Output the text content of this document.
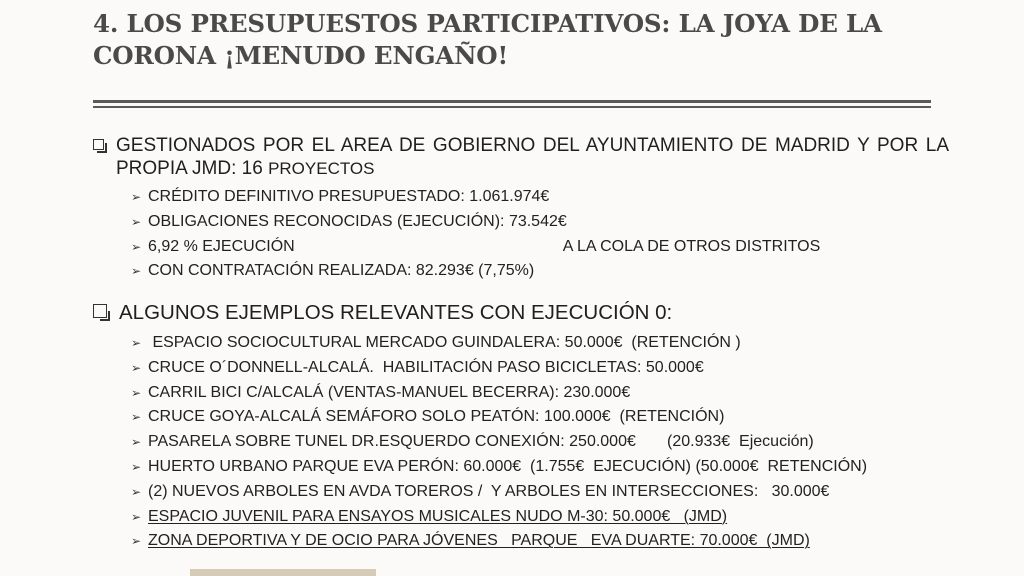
4. LOS PRESUPUESTOS PARTICIPATIVOS: LA JOYA DE LA CORONA ¡MENUDO ENGAÑO!
GESTIONADOS POR EL AREA DE GOBIERNO DEL AYUNTAMIENTO DE MADRID Y POR LA PROPIA JMD: 16 PROYECTOS
➢ CRÉDITO DEFINITIVO PRESUPUESTADO: 1.061.974€
➢ OBLIGACIONES RECONOCIDAS (EJECUCIÓN): 73.542€
➢ 6,92 % EJECUCIÓN	A LA COLA DE OTROS DISTRITOS
➢ CON CONTRATACIÓN REALIZADA: 82.293€ (7,75%)
ALGUNOS EJEMPLOS RELEVANTES CON EJECUCIÓN 0:
➢ ESPACIO SOCIOCULTURAL MERCADO GUINDALERA: 50.000€  (RETENCIÓN )
➢ CRUCE O´DONNELL-ALCALÁ.  HABILITACIÓN PASO BICICLETAS: 50.000€
➢ CARRIL BICI C/ALCALÁ (VENTAS-MANUEL BECERRA): 230.000€
➢ CRUCE GOYA-ALCALÁ SEMÁFORO SOLO PEATÓN: 100.000€  (RETENCIÓN)
➢ PASARELA SOBRE TUNEL DR.ESQUERDO CONEXIÓN: 250.000€       (20.933€  Ejecución)
➢ HUERTO URBANO PARQUE EVA PERÓN: 60.000€  (1.755€  EJECUCIÓN) (50.000€  RETENCIÓN)
➢ (2) NUEVOS ARBOLES EN AVDA TOREROS /  Y ARBOLES EN INTERSECCIONES:   30.000€
➢ ESPACIO JUVENIL PARA ENSAYOS MUSICALES NUDO M-30: 50.000€   (JMD)
➢ ZONA DEPORTIVA Y DE OCIO PARA JÓVENES   PARQUE   EVA DUARTE: 70.000€  (JMD)
